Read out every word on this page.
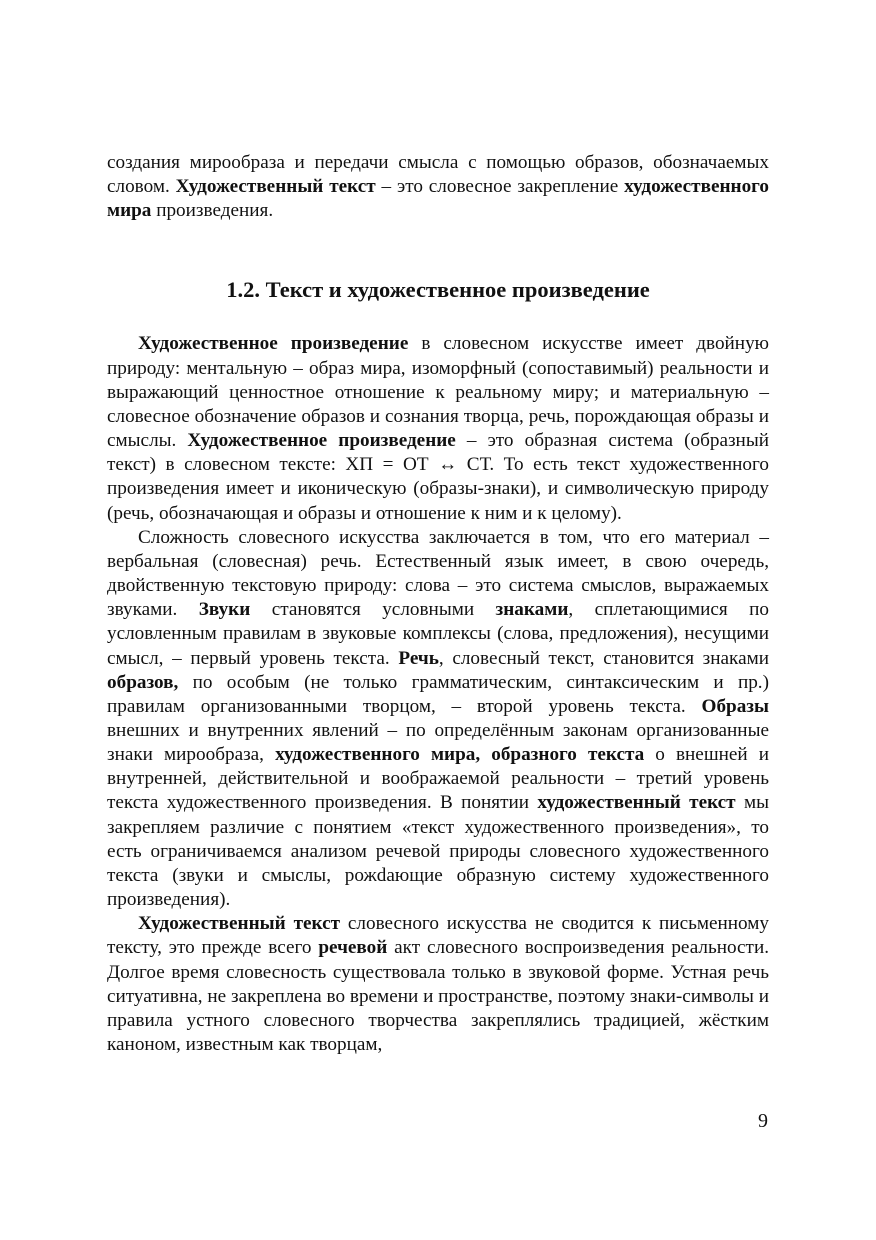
создания мирообраза и передачи смысла с помощью образов, обозначаемых словом. Художественный текст – это словесное закрепление художественного мира произведения.

1.2. Текст и художественное произведение

Художественное произведение в словесном искусстве имеет двойную природу: ментальную – образ мира, изоморфный (сопоставимый) реальности и выражающий ценностное отношение к реальному миру; и материальную – словесное обозначение образов и сознания творца, речь, порождающая образы и смыслы. Художественное произведение – это образная система (образный текст) в словесном тексте: ХП = ОТ ↔ СТ. То есть текст художественного произведения имеет и иконическую (образы-знаки), и символическую природу (речь, обозначающая и образы и отношение к ним и к целому).

Сложность словесного искусства заключается в том, что его материал – вербальная (словесная) речь. Естественный язык имеет, в свою очередь, двойственную текстовую природу: слова – это система смыслов, выражаемых звуками. Звуки становятся условными знаками, сплетающимися по условленным правилам в звуковые комплексы (слова, предложения), несущими смысл, – первый уровень текста. Речь, словесный текст, становится знаками образов, по особым (не только грамматическим, синтаксическим и пр.) правилам организованными творцом, – второй уровень текста. Образы внешних и внутренних явлений – по определённым законам организованные знаки мирообраза, художественного мира, образного текста о внешней и внутренней, действительной и воображаемой реальности – третий уровень текста художественного произведения. В понятии художественный текст мы закрепляем различие с понятием «текст художественного произведения», то есть ограничиваемся анализом речевой природы словесного художественного текста (звуки и смыслы, рожdающие образную систему художественного произведения).

Художественный текст словесного искусства не сводится к письменному тексту, это прежде всего речевой акт словесного воспроизведения реальности. Долгое время словесность существовала только в звуковой форме. Устная речь ситуативна, не закреплена во времени и пространстве, поэтому знаки-символы и правила устного словесного творчества закреплялись традицией, жёстким каноном, известным как творцам,

9
